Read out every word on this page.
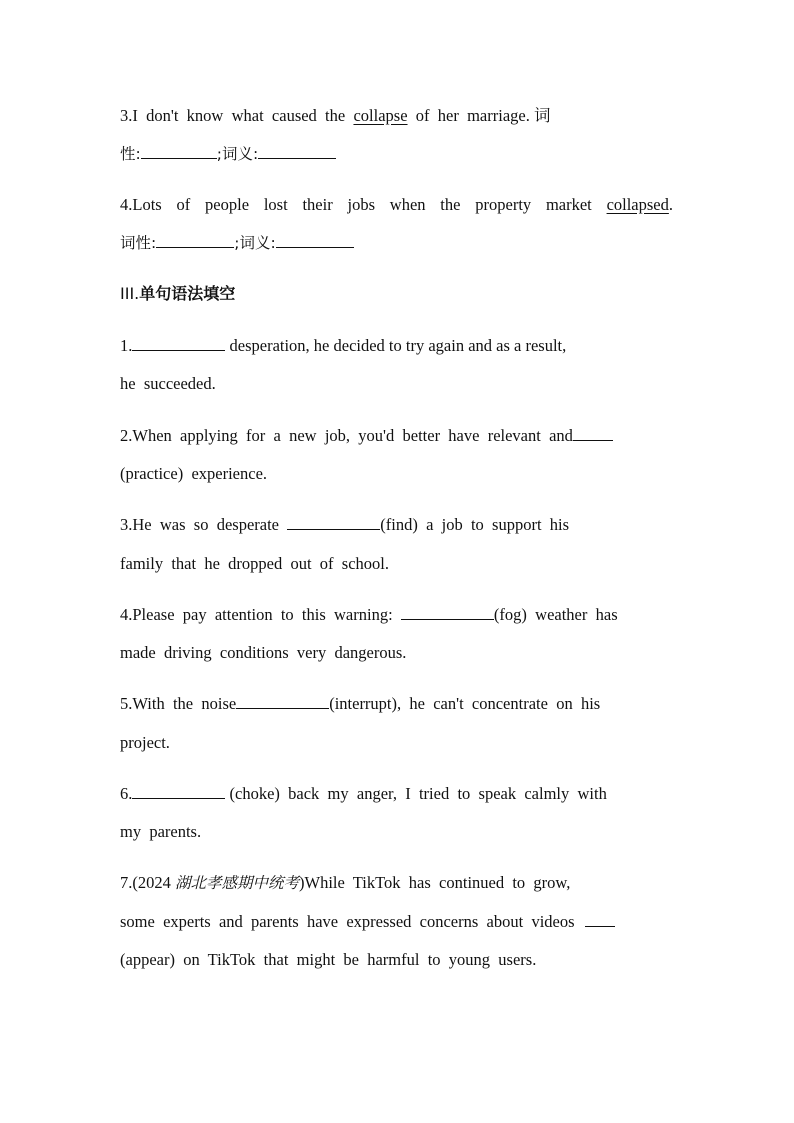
3.I  don't  know  what  caused  the  collapse  of  her  marriage. 词
性:	;词义:
4.Lots  of  people  lost  their  jobs  when  the  property  market  collapsed.
词性:	;词义:
III.单句语法填空
1.	desperation, he decided to try again and as a result,
he  succeeded.
2.When  applying  for  a  new  job,  you'd  better  have  relevant  and
(practice)  experience.
3.He  was  so  desperate	(find)  a  job  to  support  his
family  that  he  dropped  out  of  school.
4.Please  pay  attention  to  this  warning:	(fog)  weather  has
made  driving  conditions  very  dangerous.
5.With  the  noise	(interrupt),  he  can't  concentrate  on  his
project.
6.	(choke)  back  my  anger,  I  tried  to  speak  calmly  with
my  parents.
7.(2024 湖北孝感期中统考)While  TikTok  has  continued  to  grow,
some  experts  and  parents  have  expressed  concerns  about  videos
(appear)  on  TikTok  that  might  be  harmful  to  young  users.
